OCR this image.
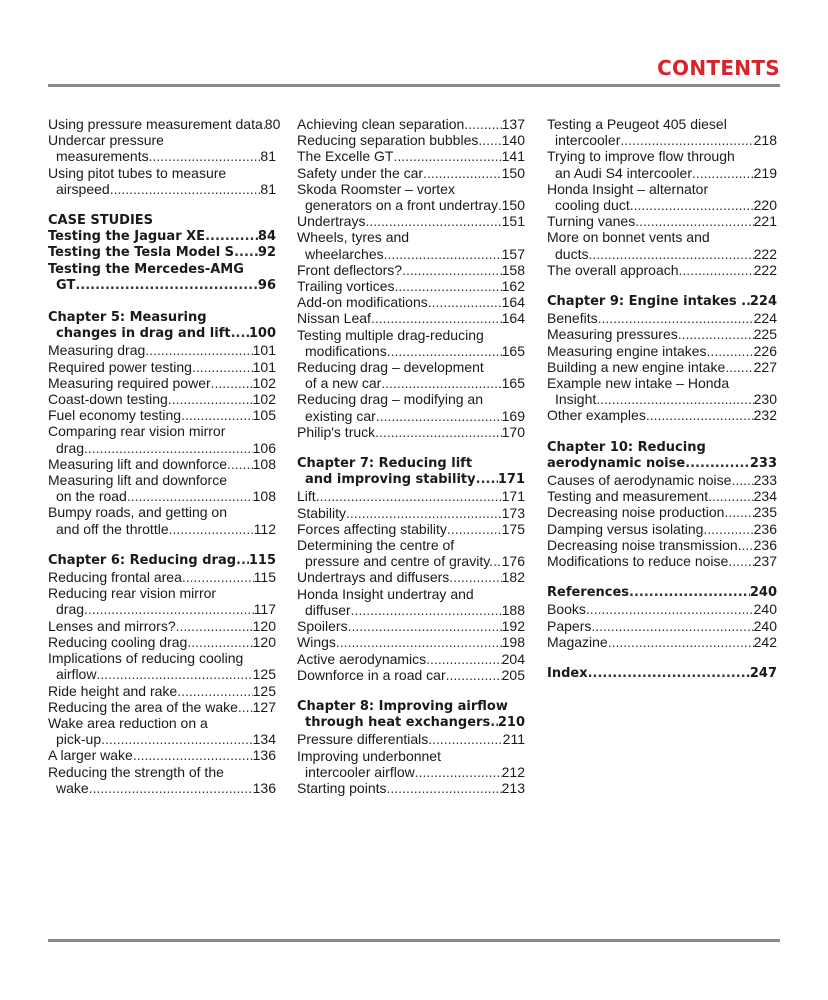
CONTENTS
Using pressure measurement data ..... 80
Undercar pressure
measurements .....	81
Using pitot tubes to measure
airspeed .....	81
CASE STUDIES
Testing the Jaguar XE .....	84
Testing the Tesla Model S ..... 92
Testing the Mercedes-AMG
GT .....	96
Chapter 5: Measuring
changes in drag and lift ..... 100
Measuring drag .....	101
Required power testing .....	101
Measuring required power .....	102
Coast-down testing .....	102
Fuel economy testing .....	105
Comparing rear vision mirror
drag .....	106
Measuring lift and downforce ..... 108
Measuring lift and downforce
on the road .....	108
Bumpy roads, and getting on
and off the throttle .....	112
Chapter 6: Reducing drag ..... 115
Reducing frontal area .....	115
Reducing rear vision mirror
drag .....	117
Lenses and mirrors? .....	120
Reducing cooling drag .....	120
Implications of reducing cooling
airflow .....	125
Ride height and rake .....	125
Reducing the area of the wake ..... 127
Wake area reduction on a
pick-up .....	134
A larger wake .....	136
Reducing the strength of the
wake .....	136
Achieving clean separation .....	137
Reducing separation bubbles ..... 140
The Excelle GT .....	141
Safety under the car .....	150
Skoda Roomster – vortex
generators on a front undertray ..... 150
Undertrays .....	151
Wheels, tyres and
wheelarches .....	157
Front deflectors? .....	158
Trailing vortices .....	162
Add-on modifications .....	164
Nissan Leaf .....	164
Testing multiple drag-reducing
modifications .....	165
Reducing drag – development
of a new car .....	165
Reducing drag – modifying an
existing car .....	169
Philip's truck .....	170
Chapter 7: Reducing lift
and improving stability ..... 171
Lift .....	171
Stability .....	173
Forces affecting stability .....	175
Determining the centre of
pressure and centre of gravity. ..... 176
Undertrays and diffusers .....	182
Honda Insight undertray and
diffuser .....	188
Spoilers .....	192
Wings .....	198
Active aerodynamics .....	204
Downforce in a road car .....	205
Chapter 8: Improving airflow
through heat exchangers ..... 210
Pressure differentials .....	211
Improving underbonnet
intercooler airflow .....	212
Starting points .....	213
Testing a Peugeot 405 diesel
intercooler .....	218
Trying to improve flow through
an Audi S4 intercooler .....	219
Honda Insight – alternator
cooling duct .....	220
Turning vanes .....	221
More on bonnet vents and
ducts .....	222
The overall approach .....	222
Chapter 9: Engine intakes . ..... 224
Benefits .....	224
Measuring pressures .....	225
Measuring engine intakes .....	226
Building a new engine intake ..... 227
Example new intake – Honda
Insight .....	230
Other examples .....	232
Chapter 10: Reducing
aerodynamic noise .....	233
Causes of aerodynamic noise ..... 233
Testing and measurement .....	234
Decreasing noise production ..... 235
Damping versus isolating .....	236
Decreasing noise transmission. ..... 236
Modifications to reduce noise ..... 237
References .....	240
Books .....	240
Papers .....	240
Magazine .....	242
Index .....	247
